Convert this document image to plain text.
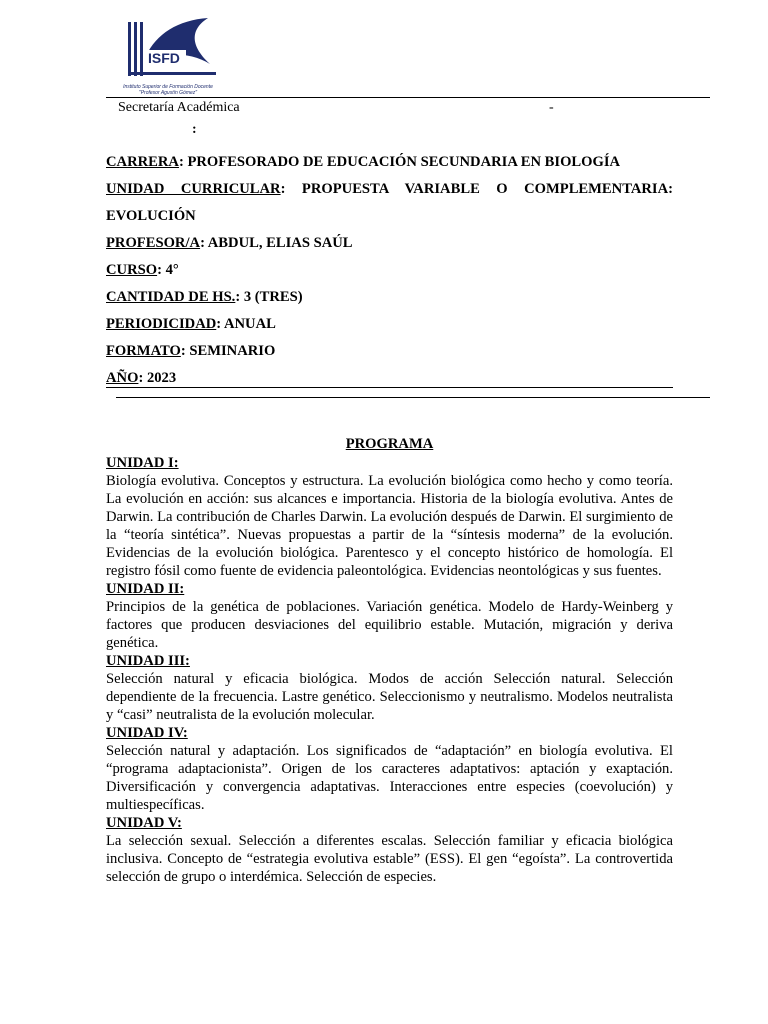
ISFD
Instituto Superior de Formación Docente "Profesor Agustín Gómez"
Secretaría Académica	-
:
CARRERA: PROFESORADO DE EDUCACIÓN SECUNDARIA EN BIOLOGÍA
UNIDAD CURRICULAR: PROPUESTA VARIABLE O COMPLEMENTARIA:
EVOLUCIÓN
PROFESOR/A: ABDUL, ELIAS SAÚL
CURSO: 4°
CANTIDAD DE HS.: 3 (TRES)
PERIODICIDAD: ANUAL
FORMATO: SEMINARIO
AÑO: 2023
PROGRAMA
UNIDAD I:

Biología evolutiva. Conceptos y estructura. La evolución biológica como hecho y como teoría. La evolución en acción: sus alcances e importancia. Historia de la biología evolutiva. Antes de Darwin. La contribución de Charles Darwin. La evolución después de Darwin. El surgimiento de la “teoría sintética”. Nuevas propuestas a partir de la “síntesis moderna” de la evolución. Evidencias de la evolución biológica. Parentesco y el concepto histórico de homología. El registro fósil como fuente de evidencia paleontológica. Evidencias neontológicas y sus fuentes.

UNIDAD II:

Principios de la genética de poblaciones. Variación genética. Modelo de Hardy-Weinberg y factores que producen desviaciones del equilibrio estable. Mutación, migración y deriva genética.

UNIDAD III:

Selección natural y eficacia biológica. Modos de acción Selección natural. Selección dependiente de la frecuencia. Lastre genético. Seleccionismo y neutralismo. Modelos neutralista y “casi” neutralista de la evolución molecular.

UNIDAD IV:

Selección natural y adaptación. Los significados de “adaptación” en biología evolutiva. El “programa adaptacionista”. Origen de los caracteres adaptativos: aptación y exaptación. Diversificación y convergencia adaptativas. Interacciones entre especies (coevolución) y multiespecíficas.

UNIDAD V:

La selección sexual. Selección a diferentes escalas. Selección familiar y eficacia biológica inclusiva. Concepto de “estrategia evolutiva estable” (ESS). El gen “egoísta”. La controvertida selección de grupo o interdémica. Selección de especies.
